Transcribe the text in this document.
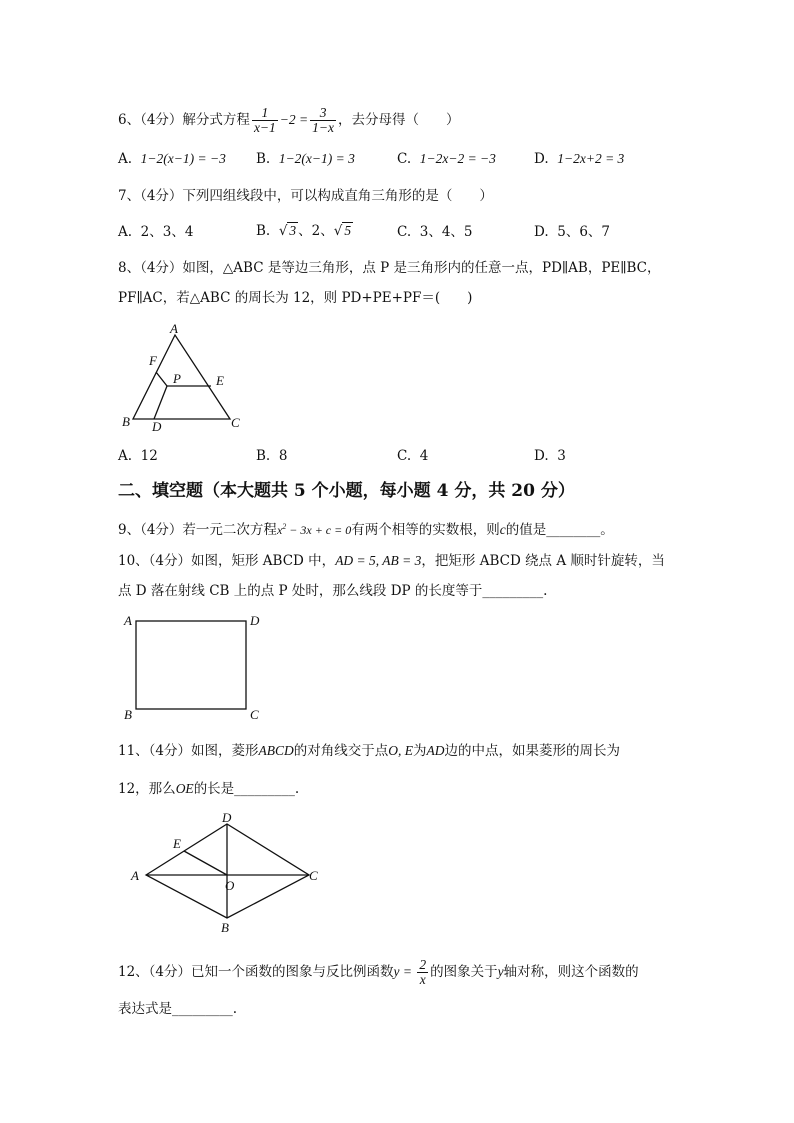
6、（4分）解分式方程 $\frac{1}{x-1} -2 = \frac{3}{1-x}$ ，去分母得（　　）
A. 1−2(x−1) = −3 B. 1−2(x−1) = 3	C. 1−2x−2 = −3	D. 1−2x+2 = 3
7、（4分）下列四组线段中，可以构成直角三角形的是（　　）
A. 2、3、4	B. √ 3 、2、√ 5	C. 3、4、5	D. 5、6、7
8、（4分）如图，△ABC 是等边三角形，点 P 是三角形内的任意一点，PD∥AB，PE∥BC，
PF∥AC，若△ABC 的周长为 12，则 PD+PE+PF＝(　　)
A
F
P	E
B D	C
A. 12	B. 8	C. 4	D. 3
二、填空题（本大题共 5 个小题，每小题 4 分，共 20 分）
9、（4分）若一元二次方程$x^2 - 3x + c = 0$有两个相等的实数根，则c的值是________。
10、（4分）如图，矩形 ABCD 中，AD = 5, AB = 3，把矩形 ABCD 绕点 A 顺时针旋转，当
点 D 落在射线 CB 上的点 P 处时，那么线段 DP 的长度等于_________.
A	D
B	C
11、（4分）如图，菱形ABCD的对角线交于点O, E为AD边的中点，如果菱形的周长为
12，那么OE的长是_________.
D
E
A
O
C
B
12、（4分）已知一个函数的图象与反比例函数$y = \frac{2}{x}$ 的图象关于y轴对称，则这个函数的
表达式是_________.
